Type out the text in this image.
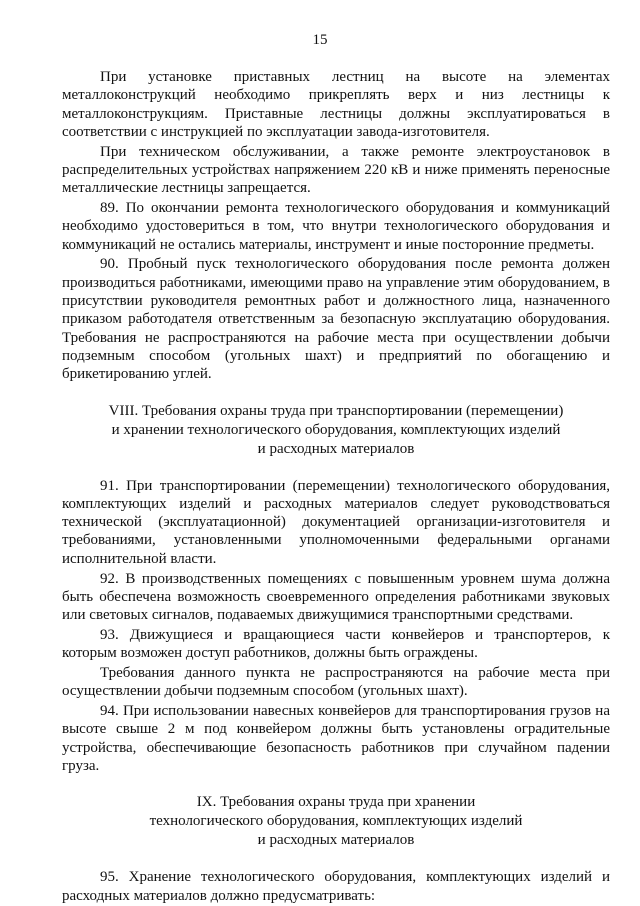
15

При установке приставных лестниц на высоте на элементах металлоконструкций необходимо прикреплять верх и низ лестницы к металлоконструкциям. Приставные лестницы должны эксплуатироваться в соответствии с инструкцией по эксплуатации завода-изготовителя.

При техническом обслуживании, а также ремонте электроустановок в распределительных устройствах напряжением 220 кВ и ниже применять переносные металлические лестницы запрещается.

89. По окончании ремонта технологического оборудования и коммуникаций необходимо удостовериться в том, что внутри технологического оборудования и коммуникаций не остались материалы, инструмент и иные посторонние предметы.

90. Пробный пуск технологического оборудования после ремонта должен производиться работниками, имеющими право на управление этим оборудованием, в присутствии руководителя ремонтных работ и должностного лица, назначенного приказом работодателя ответственным за безопасную эксплуатацию оборудования. Требования не распространяются на рабочие места при осуществлении добычи подземным способом (угольных шахт) и предприятий по обогащению и брикетированию углей.

VIII. Требования охраны труда при транспортировании (перемещении)
и хранении технологического оборудования, комплектующих изделий
и расходных материалов

91. При транспортировании (перемещении) технологического оборудования, комплектующих изделий и расходных материалов следует руководствоваться технической (эксплуатационной) документацией организации-изготовителя и требованиями, установленными уполномоченными федеральными органами исполнительной власти.

92. В производственных помещениях с повышенным уровнем шума должна быть обеспечена возможность своевременного определения работниками звуковых или световых сигналов, подаваемых движущимися транспортными средствами.

93. Движущиеся и вращающиеся части конвейеров и транспортеров, к которым возможен доступ работников, должны быть ограждены.

Требования данного пункта не распространяются на рабочие места при осуществлении добычи подземным способом (угольных шахт).

94. При использовании навесных конвейеров для транспортирования грузов на высоте свыше 2 м под конвейером должны быть установлены оградительные устройства, обеспечивающие безопасность работников при случайном падении груза.

IX. Требования охраны труда при хранении
технологического оборудования, комплектующих изделий
и расходных материалов

95. Хранение технологического оборудования, комплектующих изделий и расходных материалов должно предусматривать:
